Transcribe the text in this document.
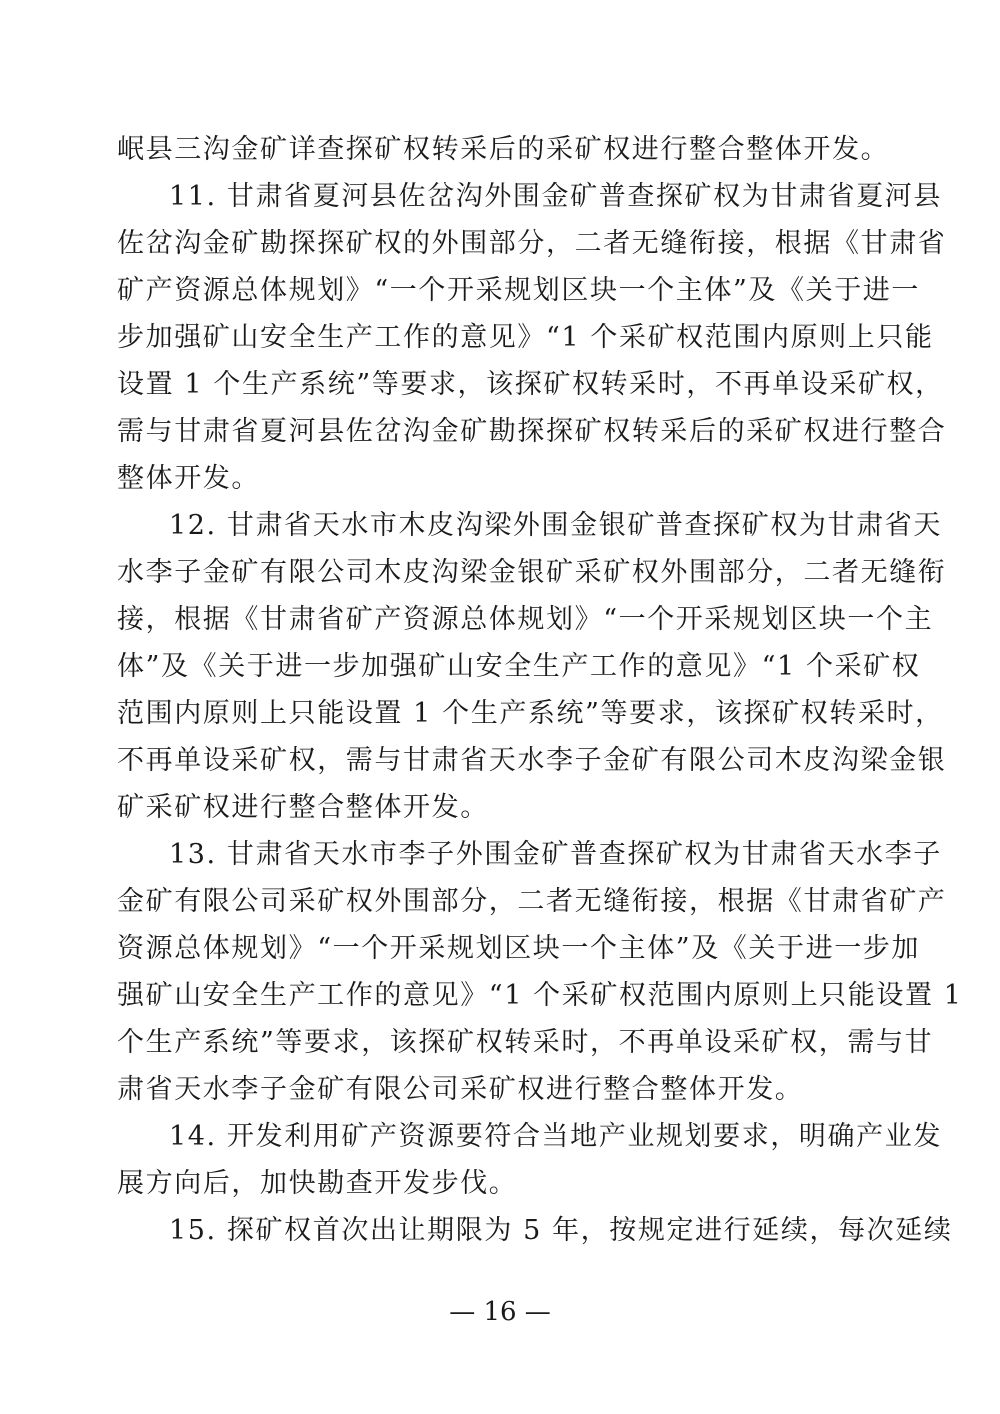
岷县三沟金矿详查探矿权转采后的采矿权进行整合整体开发。
11. 甘肃省夏河县佐岔沟外围金矿普查探矿权为甘肃省夏河县
佐岔沟金矿勘探探矿权的外围部分，二者无缝衔接，根据《甘肃省
矿产资源总体规划》“一个开采规划区块一个主体”及《关于进一
步加强矿山安全生产工作的意见》“1 个采矿权范围内原则上只能
设置 1 个生产系统”等要求，该探矿权转采时，不再单设采矿权，
需与甘肃省夏河县佐岔沟金矿勘探探矿权转采后的采矿权进行整合
整体开发。
12. 甘肃省天水市木皮沟梁外围金银矿普查探矿权为甘肃省天
水李子金矿有限公司木皮沟梁金银矿采矿权外围部分，二者无缝衔
接，根据《甘肃省矿产资源总体规划》“一个开采规划区块一个主
体”及《关于进一步加强矿山安全生产工作的意见》“1 个采矿权
范围内原则上只能设置 1 个生产系统”等要求，该探矿权转采时，
不再单设采矿权，需与甘肃省天水李子金矿有限公司木皮沟梁金银
矿采矿权进行整合整体开发。
13. 甘肃省天水市李子外围金矿普查探矿权为甘肃省天水李子
金矿有限公司采矿权外围部分，二者无缝衔接，根据《甘肃省矿产
资源总体规划》“一个开采规划区块一个主体”及《关于进一步加
强矿山安全生产工作的意见》“1 个采矿权范围内原则上只能设置 1
个生产系统”等要求，该探矿权转采时，不再单设采矿权，需与甘
肃省天水李子金矿有限公司采矿权进行整合整体开发。
14. 开发利用矿产资源要符合当地产业规划要求，明确产业发
展方向后，加快勘查开发步伐。
15. 探矿权首次出让期限为 5 年，按规定进行延续，每次延续
— 16 —
